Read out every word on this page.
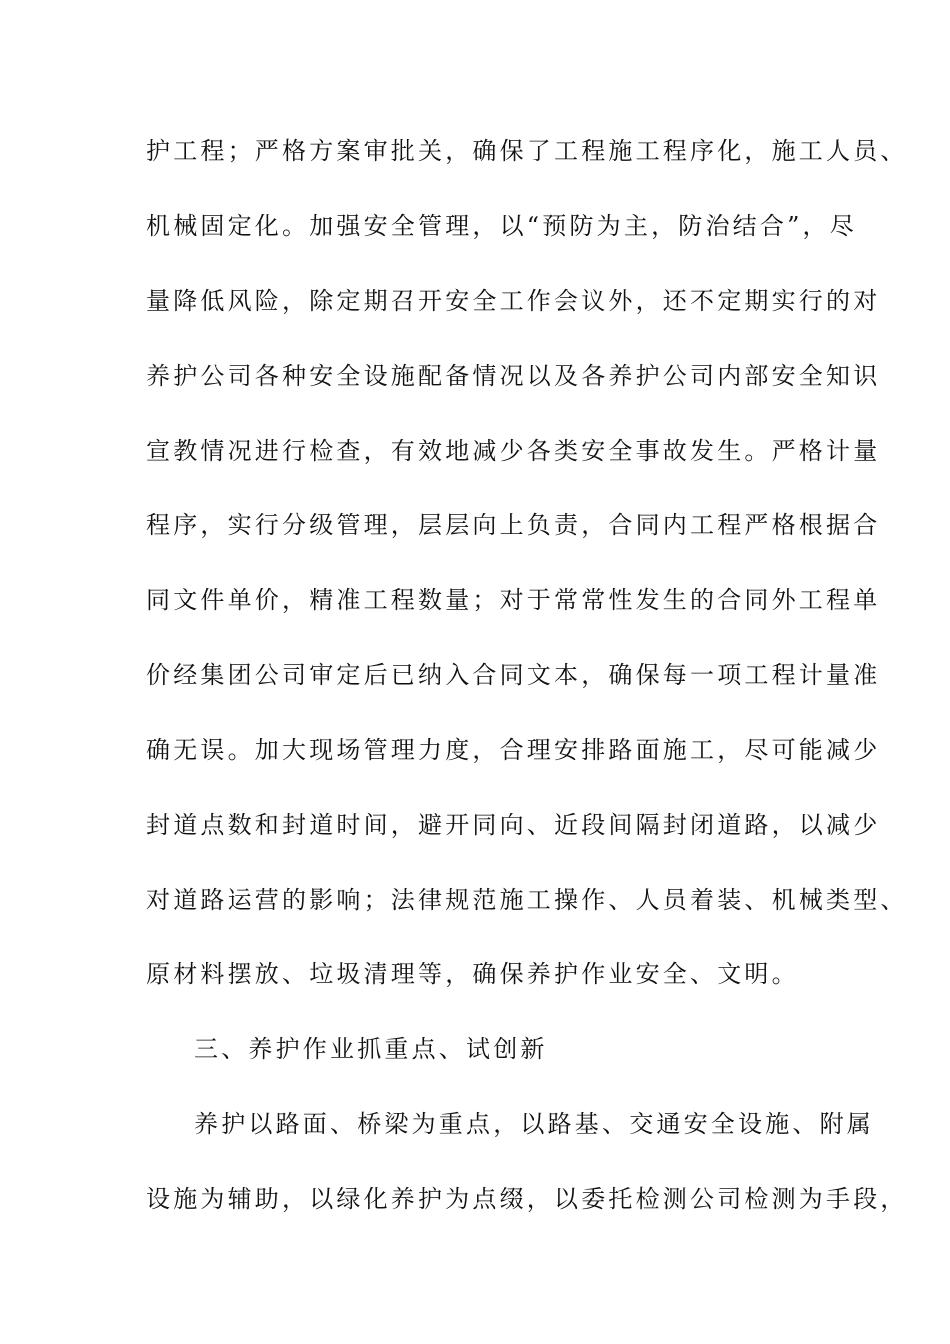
护工程；严格方案审批关，确保了工程施工程序化，施工人员、
机械固定化。加强安全管理，以“预防为主，防治结合”，尽
量降低风险，除定期召开安全工作会议外，还不定期实行的对
养护公司各种安全设施配备情况以及各养护公司内部安全知识
宣教情况进行检查，有效地减少各类安全事故发生。严格计量
程序，实行分级管理，层层向上负责，合同内工程严格根据合
同文件单价，精准工程数量；对于常常性发生的合同外工程单
价经集团公司审定后已纳入合同文本，确保每一项工程计量准
确无误。加大现场管理力度，合理安排路面施工，尽可能减少
封道点数和封道时间，避开同向、近段间隔封闭道路，以减少
对道路运营的影响；法律规范施工操作、人员着装、机械类型、
原材料摆放、垃圾清理等，确保养护作业安全、文明。
三、养护作业抓重点、试创新
养护以路面、桥梁为重点，以路基、交通安全设施、附属
设施为辅助，以绿化养护为点缀，以委托检测公司检测为手段，
